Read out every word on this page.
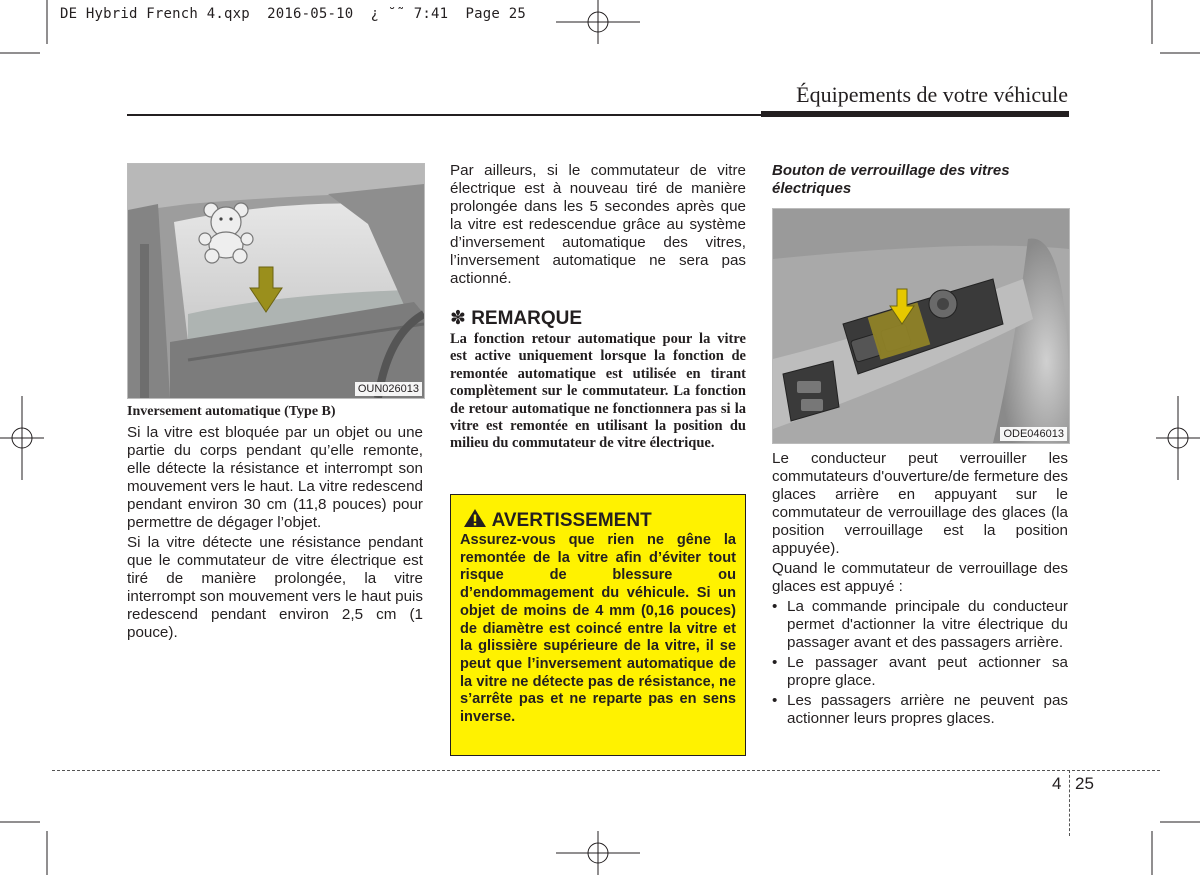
DE Hybrid French 4.qxp  2016-05-10  ¿ ˘˜ 7:41  Page 25
Équipements de votre véhicule
OUN026013
Inversement automatique (Type B)

Si la vitre est bloquée par un objet ou une partie du corps pendant qu’elle remonte, elle détecte la résistance et interrompt son mouvement vers le haut. La vitre redescend pendant environ 30 cm (11,8 pouces) pour permettre de dégager l’objet.

Si la vitre détecte une résistance pendant que le commutateur de vitre électrique est tiré de manière prolongée, la vitre interrompt son mouvement vers le haut puis redescend pendant environ 2,5 cm (1 pouce).

Par ailleurs, si le commutateur de vitre électrique est à nouveau tiré de manière prolongée dans les 5 secondes après que la vitre est redescendue grâce au système d’inversement automatique des vitres, l’inversement automatique ne sera pas actionné.
✽ REMARQUE
La fonction retour automatique pour la vitre est active uniquement lorsque la fonction de remontée automatique est utilisée en tirant complètement sur le commutateur. La fonction de retour automatique ne fonctionnera pas si la vitre est remontée en utilisant la position du milieu du commutateur de vitre électrique.
AVERTISSEMENT
Assurez-vous que rien ne gêne la remontée de la vitre afin d’éviter tout risque de blessure ou d’endommagement du véhicule. Si un objet de moins de 4 mm (0,16 pouces) de diamètre est coincé entre la vitre et la glissière supérieure de la vitre, il se peut que l’inversement automatique de la vitre ne détecte pas de résistance, ne s’arrête pas et ne reparte pas en sens inverse.
Bouton de verrouillage des vitres électriques
ODE046013

Le conducteur peut verrouiller les commutateurs d'ouverture/de fermeture des glaces arrière en appuyant sur le commutateur de verrouillage des glaces (la position verrouillage est la position appuyée).

Quand le commutateur de verrouillage des glaces est appuyé :

• La commande principale du conducteur permet d'actionner la vitre électrique du passager avant et des passagers arrière.
• Le passager avant peut actionner sa propre glace.
• Les passagers arrière ne peuvent pas actionner leurs propres glaces.
4 25
